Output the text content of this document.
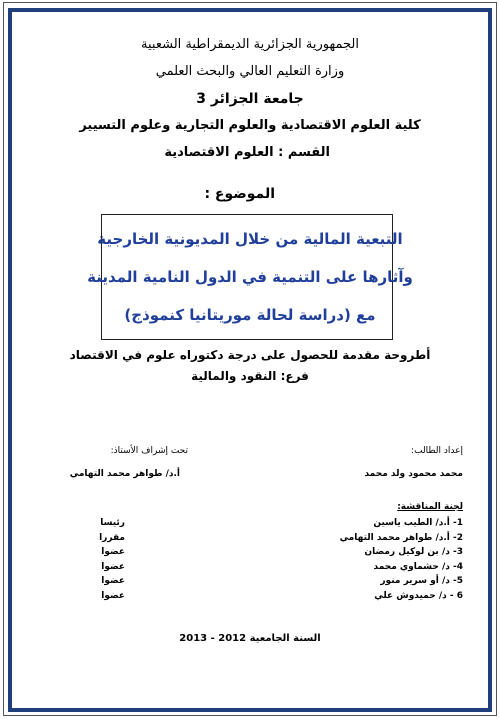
الجمهورية الجزائرية الديمقراطية الشعبية
وزارة التعليم العالي والبحث العلمي
جامعة الجزائر 3
كلية العلوم الاقتصادية والعلوم التجارية وعلوم التسيير
القسم : العلوم الاقتصادية
الموضوع :
التبعية المالية من خلال المديونية الخارجية
وآثارها على التنمية في الدول النامية المدينة
مع (دراسة لحالة موريتانيا كنموذج)
أطروحة مقدمة للحصول على درجة دكتوراه علوم في الاقتصاد
فرع: النقود والمالية
إعداد الطالب:
تحت إشراف الأستاذ:
محمد محمود ولد محمد
أ.د/ طواهر محمد التهامي
لجنة المناقشة:
1- أ.د/ الطيب ياسين
رئيسا
2- أ.د/ طواهر محمد التهامي
مقررا
3- د/ بن لوكيل رمضان
عضوا
4- د/ حشماوي محمد
عضوا
5- د/ أو سرير منور
عضوا
6 - د/ حميدوش علي
عضوا
السنة الجامعية 2012 - 2013
